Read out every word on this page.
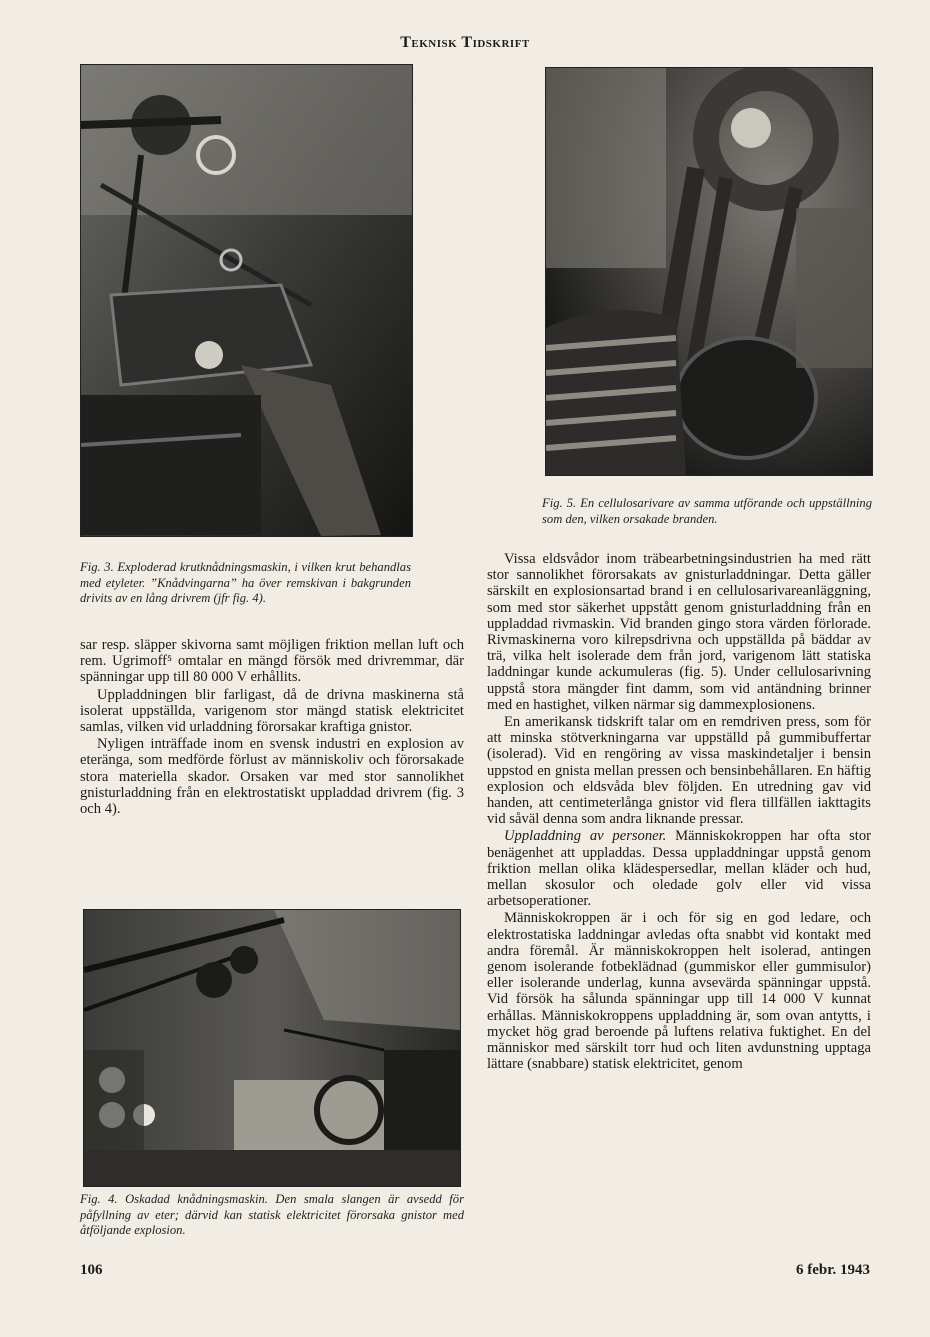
Teknisk Tidskrift
Fig. 3. Exploderad krutknådningsmaskin, i vilken krut behandlas med etyleter. ”Knådvingarna” ha över remskivan i bakgrunden drivits av en lång drivrem (jfr fig. 4).

sar resp. släpper skivorna samt möjligen friktion mellan luft och rem. Ugrimoff⁵ omtalar en mängd försök med drivremmar, där spänningar upp till 80 000 V erhållits.

Uppladdningen blir farligast, då de drivna maskinerna stå isolerat uppställda, varigenom stor mängd statisk elektricitet samlas, vilken vid urladdning förorsakar kraftiga gnistor.

Nyligen inträffade inom en svensk industri en explosion av eteränga, som medförde förlust av människoliv och förorsakade stora materiella skador. Orsaken var med stor sannolikhet gnisturladdning från en elektrostatiskt uppladdad drivrem (fig. 3 och 4).

Fig. 4. Oskadad knådningsmaskin. Den smala slangen är avsedd för påfyllning av eter; därvid kan statisk elektricitet förorsaka gnistor med åtföljande explosion.
Fig. 5. En cellulosarivare av samma utförande och uppställning som den, vilken orsakade branden.

Vissa eldsvådor inom träbearbetningsindustrien ha med rätt stor sannolikhet förorsakats av gnisturladdningar. Detta gäller särskilt en explosionsartad brand i en cellulosarivareanläggning, som med stor säkerhet uppstått genom gnisturladdning från en uppladdad rivmaskin. Vid branden gingo stora värden förlorade. Rivmaskinerna voro kilrepsdrivna och uppställda på bäddar av trä, vilka helt isolerade dem från jord, varigenom lätt statiska laddningar kunde ackumuleras (fig. 5). Under cellulosarivning uppstå stora mängder fint damm, som vid antändning brinner med en hastighet, vilken närmar sig dammexplosionens.

En amerikansk tidskrift talar om en remdriven press, som för att minska stötverkningarna var uppställd på gummibuffertar (isolerad). Vid en rengöring av vissa maskindetaljer i bensin uppstod en gnista mellan pressen och bensinbehållaren. En häftig explosion och eldsvåda blev följden. En utredning gav vid handen, att centimeterlånga gnistor vid flera tillfällen iakttagits vid såväl denna som andra liknande pressar.

Uppladdning av personer. Människokroppen har ofta stor benägenhet att uppladdas. Dessa uppladdningar uppstå genom friktion mellan olika klädespersedlar, mellan kläder och hud, mellan skosulor och oledade golv eller vid vissa arbetsoperationer.

Människokroppen är i och för sig en god ledare, och elektrostatiska laddningar avledas ofta snabbt vid kontakt med andra föremål. Är människokroppen helt isolerad, antingen genom isolerande fotbeklädnad (gummiskor eller gummisulor) eller isolerande underlag, kunna avsevärda spänningar uppstå. Vid försök ha sålunda spänningar upp till 14 000 V kunnat erhållas. Människokroppens uppladdning är, som ovan antytts, i mycket hög grad beroende på luftens relativa fuktighet. En del människor med särskilt torr hud och liten avdunstning upptaga lättare (snabbare) statisk elektricitet, genom

106	6 febr. 1943
